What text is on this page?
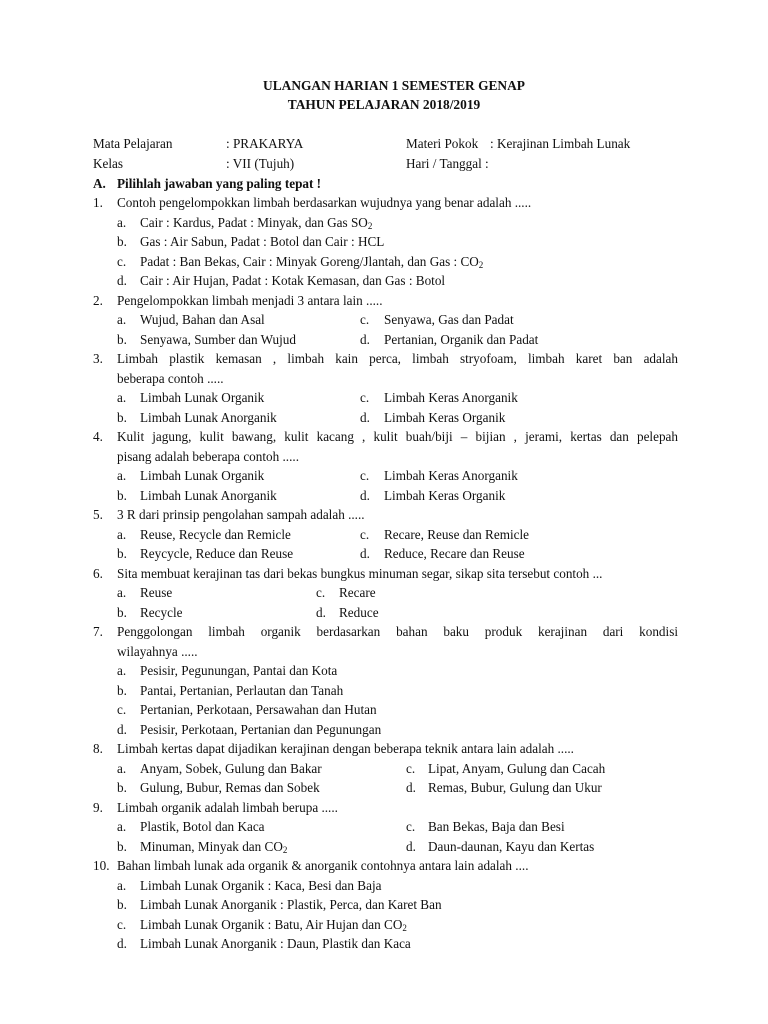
ULANGAN HARIAN 1 SEMESTER GENAP
TAHUN PELAJARAN 2018/2019
Mata Pelajaran	: PRAKARYA	Materi Pokok : Kerajinan Limbah Lunak
Kelas	: VII (Tujuh)	Hari / Tanggal :
A. Pilihlah jawaban yang paling tepat !
1.	Contoh pengelompokkan limbah berdasarkan wujudnya yang benar adalah .....
a.	Cair : Kardus, Padat : Minyak, dan Gas $SO_2$
b. Gas : Air Sabun, Padat : Botol dan Cair : HCL
c.	Padat : Ban Bekas, Cair : Minyak Goreng/Jlantah, dan Gas : $CO_2$
d. Cair : Air Hujan, Padat : Kotak Kemasan, dan Gas : Botol
2.	Pengelompokkan limbah menjadi 3 antara lain .....
a.	Wujud, Bahan dan Asal	c.	Senyawa, Gas dan Padat
b. Senyawa, Sumber dan Wujud	d.	Pertanian, Organik dan Padat
3.	Limbah plastik kemasan , limbah kain perca, limbah stryofoam, limbah karet ban adalah
beberapa contoh .....
a.	Limbah Lunak Organik	c.	Limbah Keras Anorganik
b. Limbah Lunak Anorganik	d.	Limbah Keras Organik
4.	Kulit jagung, kulit bawang, kulit kacang , kulit buah/biji – bijian , jerami, kertas dan pelepah
pisang adalah beberapa contoh .....
a.	Limbah Lunak Organik	c.	Limbah Keras Anorganik
b. Limbah Lunak Anorganik	d.	Limbah Keras Organik
5.	3 R dari prinsip pengolahan sampah adalah .....
a.	Reuse, Recycle dan Remicle	c.	Recare, Reuse dan Remicle
b. Reycycle, Reduce dan Reuse	d.	Reduce, Recare dan Reuse
6.	Sita membuat kerajinan tas dari bekas bungkus minuman segar, sikap sita tersebut contoh ...
a.	Reuse	c.	Recare
b. Recycle	d. Reduce
7.	Penggolongan limbah organik berdasarkan bahan baku produk kerajinan dari kondisi
wilayahnya .....
a.	Pesisir, Pegunungan, Pantai dan Kota
b. Pantai, Pertanian, Perlautan dan Tanah
c.	Pertanian, Perkotaan, Persawahan dan Hutan
d. Pesisir, Perkotaan, Pertanian dan Pegunungan
8.	Limbah kertas dapat dijadikan kerajinan dengan beberapa teknik antara lain adalah .....
a.	Anyam, Sobek, Gulung dan Bakar	c. Lipat, Anyam, Gulung dan Cacah
b. Gulung, Bubur, Remas dan Sobek	d. Remas, Bubur, Gulung dan Ukur
9.	Limbah organik adalah limbah berupa .....
a.	Plastik, Botol dan Kaca	c. Ban Bekas, Baja dan Besi
b. Minuman, Minyak dan $CO_2$	d. Daun-daunan, Kayu dan Kertas
10. Bahan limbah lunak ada organik & anorganik contohnya antara lain adalah ....
a.	Limbah Lunak Organik : Kaca, Besi dan Baja
b. Limbah Lunak Anorganik : Plastik, Perca, dan Karet Ban
c.	Limbah Lunak Organik : Batu, Air Hujan dan $CO_2$
d. Limbah Lunak Anorganik : Daun, Plastik dan Kaca
